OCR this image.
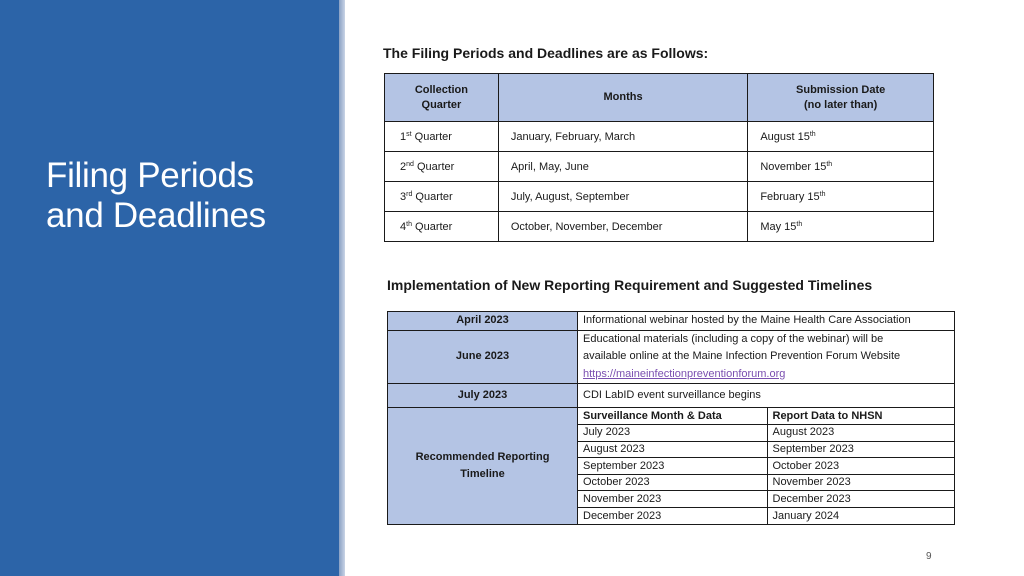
Filing Periods
and Deadlines
The Filing Periods and Deadlines are as Follows:
Collection
Quarter	Months	Submission Date
(no later than)
1st Quarter	January, February, March	August 15th
2nd Quarter	April, May, June	November 15th
3rd Quarter	July, August, September	February 15th
4th Quarter	October, November, December	May 15th
Implementation of New Reporting Requirement and Suggested Timelines
April 2023	Informational webinar hosted by the Maine Health Care Association
June 2023	Educational materials (including a copy of the webinar) will be
available online at the Maine Infection Prevention Forum Website
https://maineinfectionpreventionforum.org
July 2023	CDI LabID event surveillance begins
Recommended Reporting
Timeline	
Surveillance Month & Data	Report Data to NHSN
July 2023	August 2023
August 2023	September 2023
September 2023	October 2023
October 2023	November 2023
November 2023	December 2023
December 2023	January 2024
9
